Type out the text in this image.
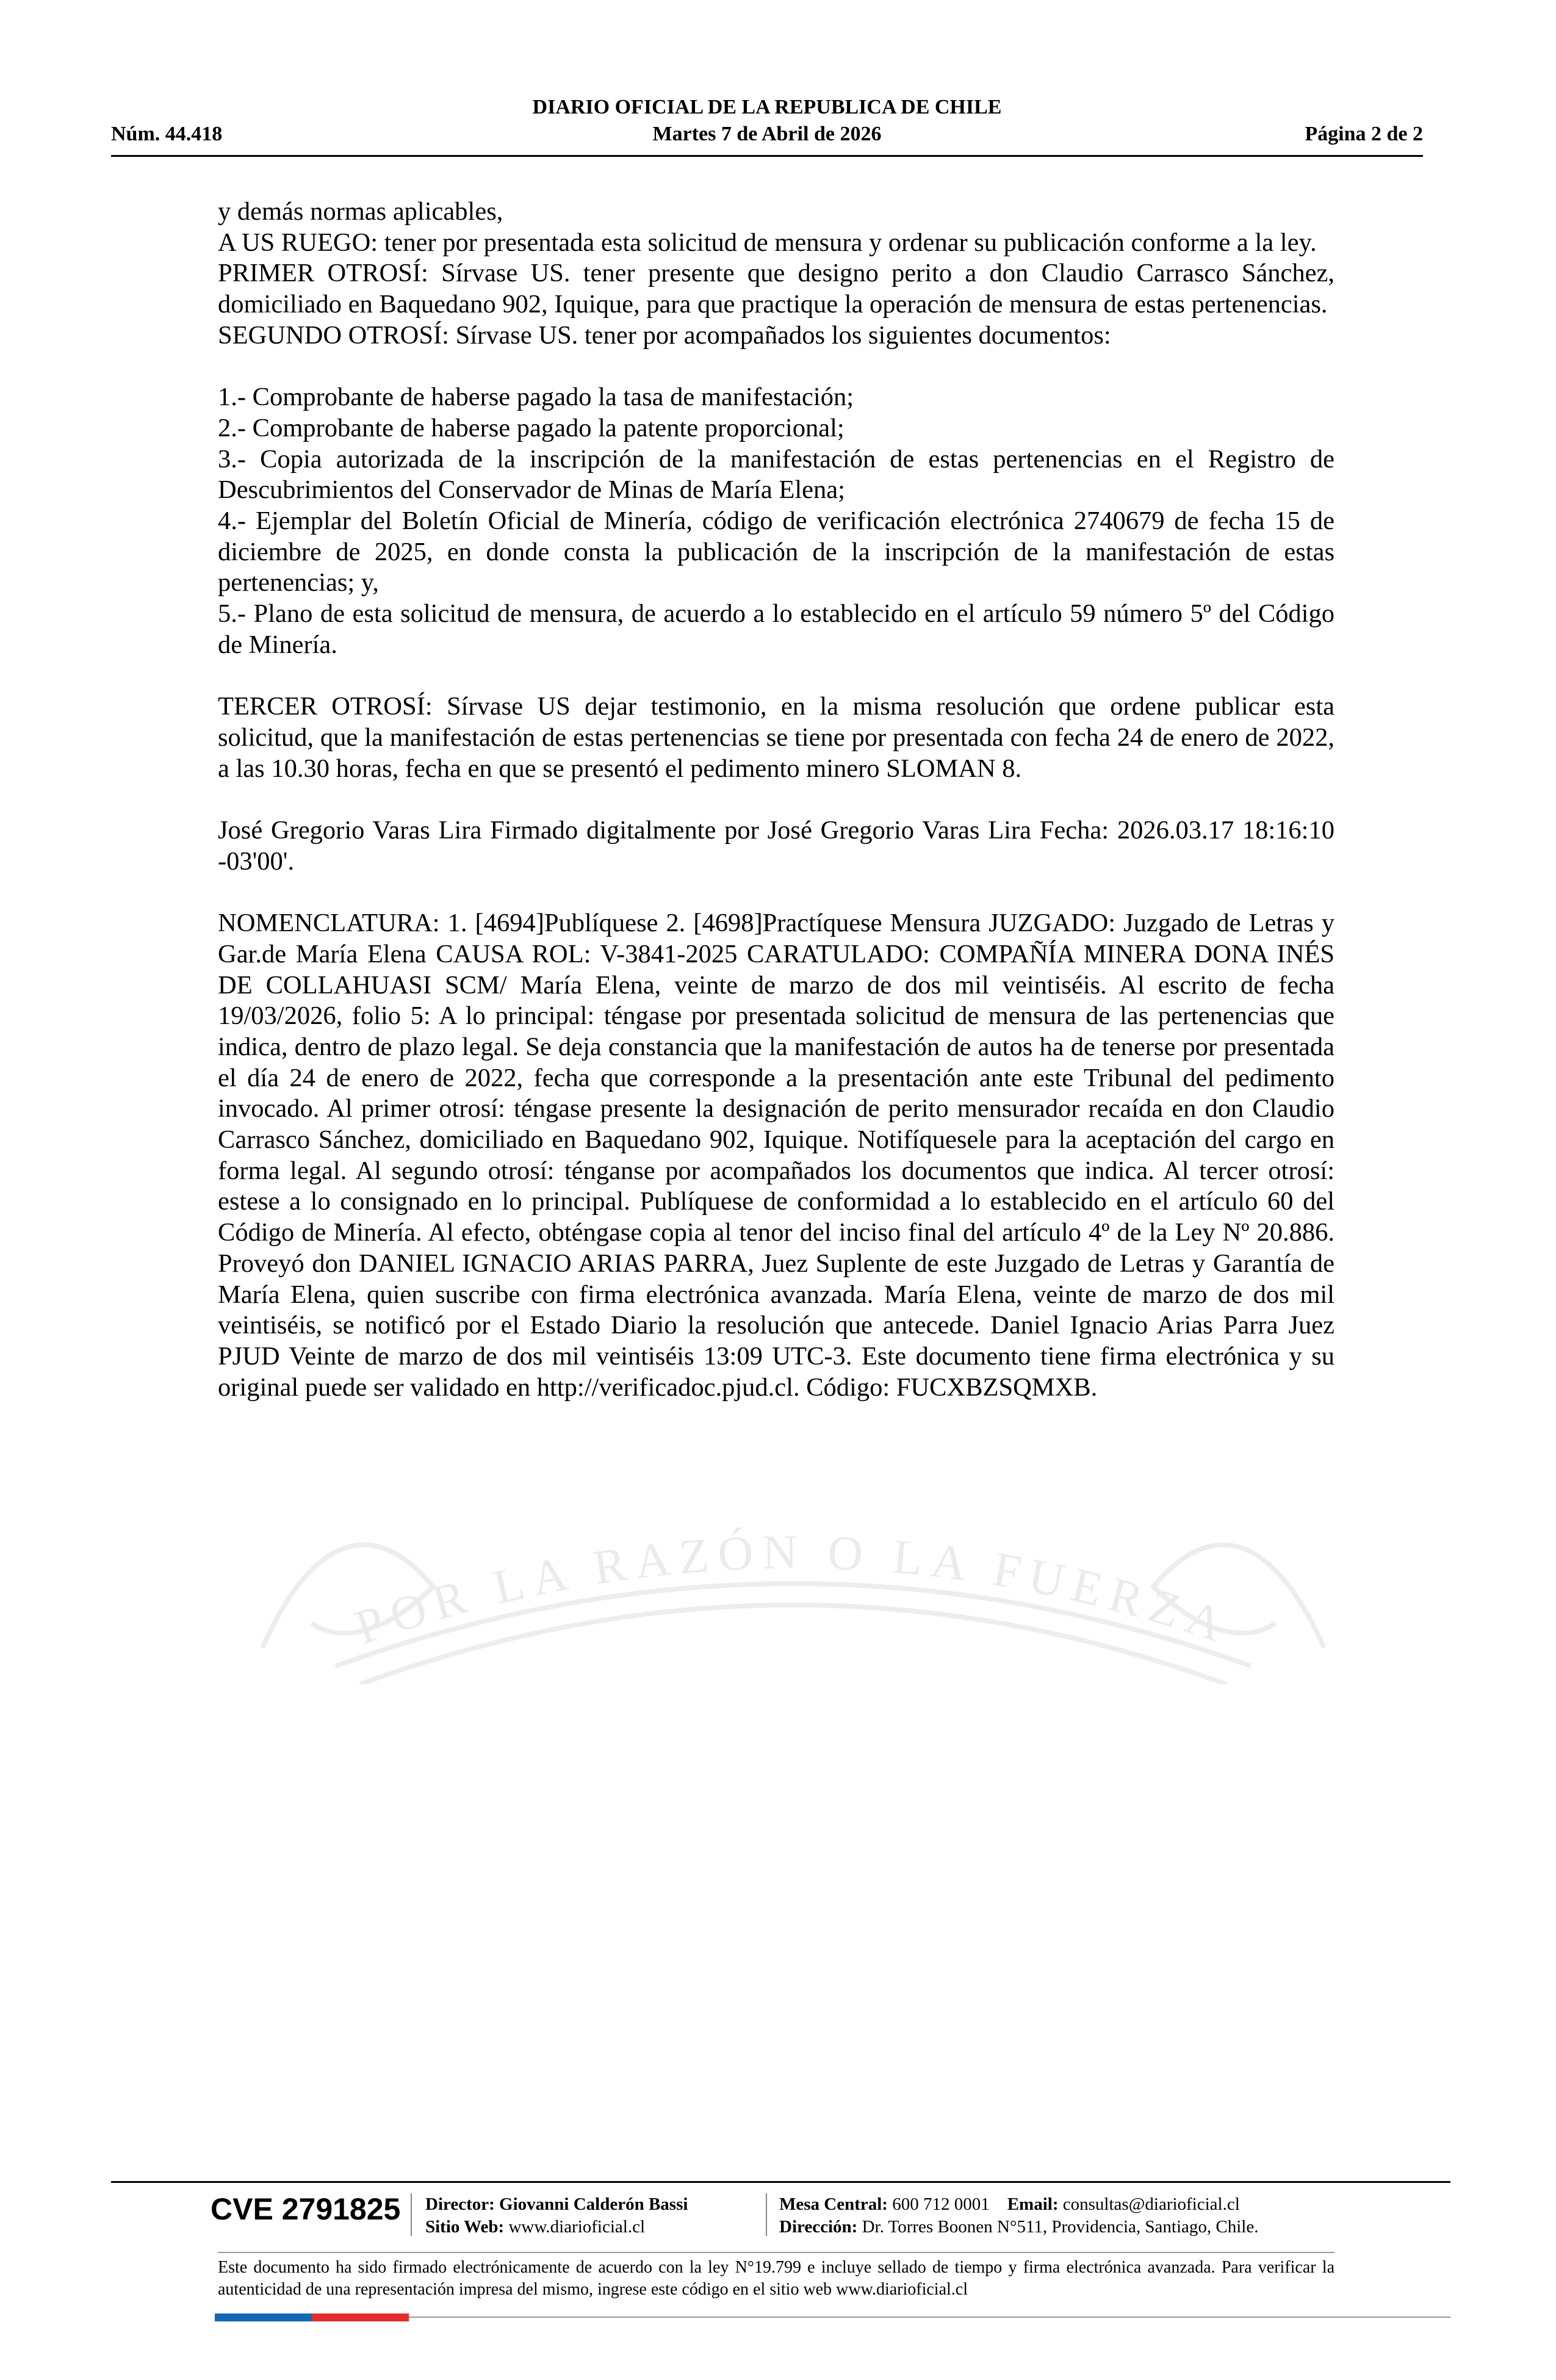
DIARIO OFICIAL DE LA REPUBLICA DE CHILE
Núm. 44.418	Martes 7 de Abril de 2026	Página 2 de 2
POR LA RAZÓN O LA FUERZA

y demás normas aplicables,

A US RUEGO: tener por presentada esta solicitud de mensura y ordenar su publicación conforme a la ley.

PRIMER OTROSÍ: Sírvase US. tener presente que designo perito a don Claudio Carrasco Sánchez, domiciliado en Baquedano 902, Iquique, para que practique la operación de mensura de estas pertenencias.

SEGUNDO OTROSÍ: Sírvase US. tener por acompañados los siguientes documentos:

1.- Comprobante de haberse pagado la tasa de manifestación;

2.- Comprobante de haberse pagado la patente proporcional;

3.- Copia autorizada de la inscripción de la manifestación de estas pertenencias en el Registro de Descubrimientos del Conservador de Minas de María Elena;

4.- Ejemplar del Boletín Oficial de Minería, código de verificación electrónica 2740679 de fecha 15 de diciembre de 2025, en donde consta la publicación de la inscripción de la manifestación de estas pertenencias; y,

5.- Plano de esta solicitud de mensura, de acuerdo a lo establecido en el artículo 59 número 5º del Código de Minería.

TERCER OTROSÍ: Sírvase US dejar testimonio, en la misma resolución que ordene publicar esta solicitud, que la manifestación de estas pertenencias se tiene por presentada con fecha 24 de enero de 2022, a las 10.30 horas, fecha en que se presentó el pedimento minero SLOMAN 8.

José Gregorio Varas Lira Firmado digitalmente por José Gregorio Varas Lira Fecha: 2026.03.17 18:16:10 -03'00'.

NOMENCLATURA: 1. [4694]Publíquese 2. [4698]Practíquese Mensura JUZGADO: Juzgado de Letras y Gar.de María Elena CAUSA ROL: V-3841-2025 CARATULADO: COMPAÑÍA MINERA DONA INÉS DE COLLAHUASI SCM/ María Elena, veinte de marzo de dos mil veintiséis. Al escrito de fecha 19/03/2026, folio 5: A lo principal: téngase por presentada solicitud de mensura de las pertenencias que indica, dentro de plazo legal. Se deja constancia que la manifestación de autos ha de tenerse por presentada el día 24 de enero de 2022, fecha que corresponde a la presentación ante este Tribunal del pedimento invocado. Al primer otrosí: téngase presente la designación de perito mensurador recaída en don Claudio Carrasco Sánchez, domiciliado en Baquedano 902, Iquique. Notifíquesele para la aceptación del cargo en forma legal. Al segundo otrosí: ténganse por acompañados los documentos que indica. Al tercer otrosí: estese a lo consignado en lo principal. Publíquese de conformidad a lo establecido en el artículo 60 del Código de Minería. Al efecto, obténgase copia al tenor del inciso final del artículo 4º de la Ley Nº 20.886. Proveyó don DANIEL IGNACIO ARIAS PARRA, Juez Suplente de este Juzgado de Letras y Garantía de María Elena, quien suscribe con firma electrónica avanzada. María Elena, veinte de marzo de dos mil veintiséis, se notificó por el Estado Diario la resolución que antecede. Daniel Ignacio Arias Parra Juez PJUD Veinte de marzo de dos mil veintiséis 13:09 UTC-3. Este documento tiene firma electrónica y su original puede ser validado en http://verificadoc.pjud.cl. Código: FUCXBZSQMXB.

CVE 2791825 Director: Giovanni Calderón Bassi
Sitio Web: www.diarioficial.cl
Mesa Central: 600 712 0001 Email: consultas@diarioficial.cl
Dirección: Dr. Torres Boonen N°511, Providencia, Santiago, Chile.
Este documento ha sido firmado electrónicamente de acuerdo con la ley N°19.799 e incluye sellado de tiempo y firma electrónica avanzada. Para verificar la autenticidad de una representación impresa del mismo, ingrese este código en el sitio web www.diarioficial.cl
